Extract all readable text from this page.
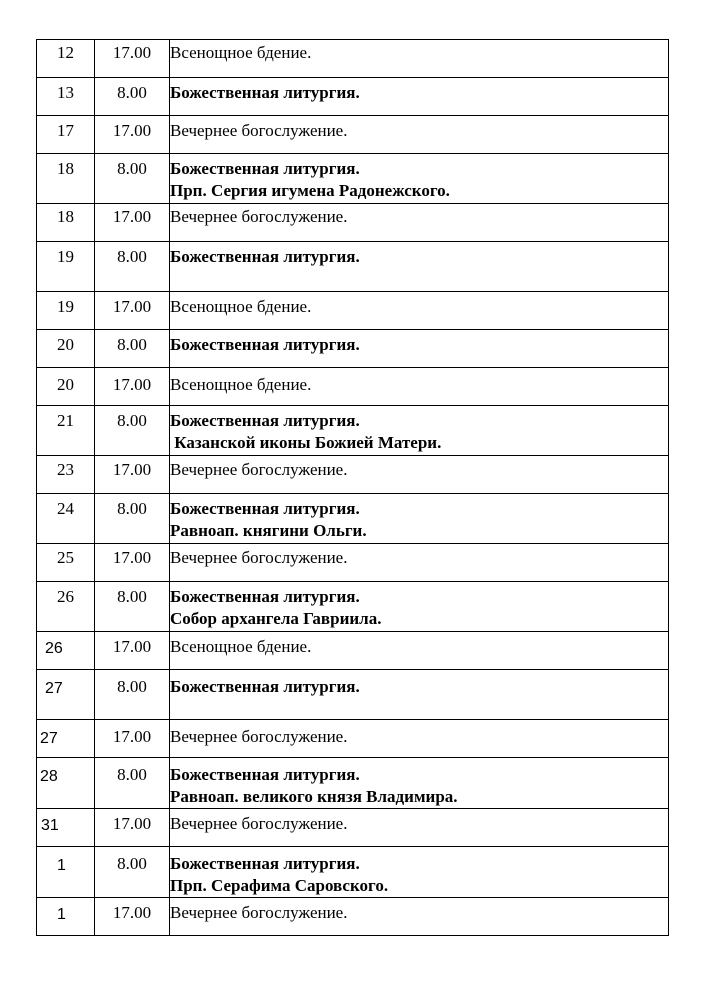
12	17.00	Всенощное бдение.

13	8.00	Божественная литургия.

17	17.00	Вечернее богослужение.

18	8.00	Божественная литургия.
Прп. Сергия игумена Радонежского.

18	17.00	Вечернее богослужение.

19	8.00	Божественная литургия.

19	17.00	Всенощное бдение.

20	8.00	Божественная литургия.

20	17.00	Всенощное бдение.

21	8.00	Божественная литургия.
Казанской иконы Божией Матери.

23	17.00	Вечернее богослужение.

24	8.00	Божественная литургия.
Равноап. княгини Ольги.

25	17.00	Вечернее богослужение.

26	8.00	Божественная литургия.
Собор архангела Гавриила.

26	17.00	Всенощное бдение.

27	8.00	Божественная литургия.

27	17.00	Вечернее богослужение.

28	8.00	Божественная литургия.
Равноап. великого князя Владимира.

31	17.00	Вечернее богослужение.

1	8.00	Божественная литургия.
Прп. Серафима Саровского.

1	17.00	Вечернее богослужение.
